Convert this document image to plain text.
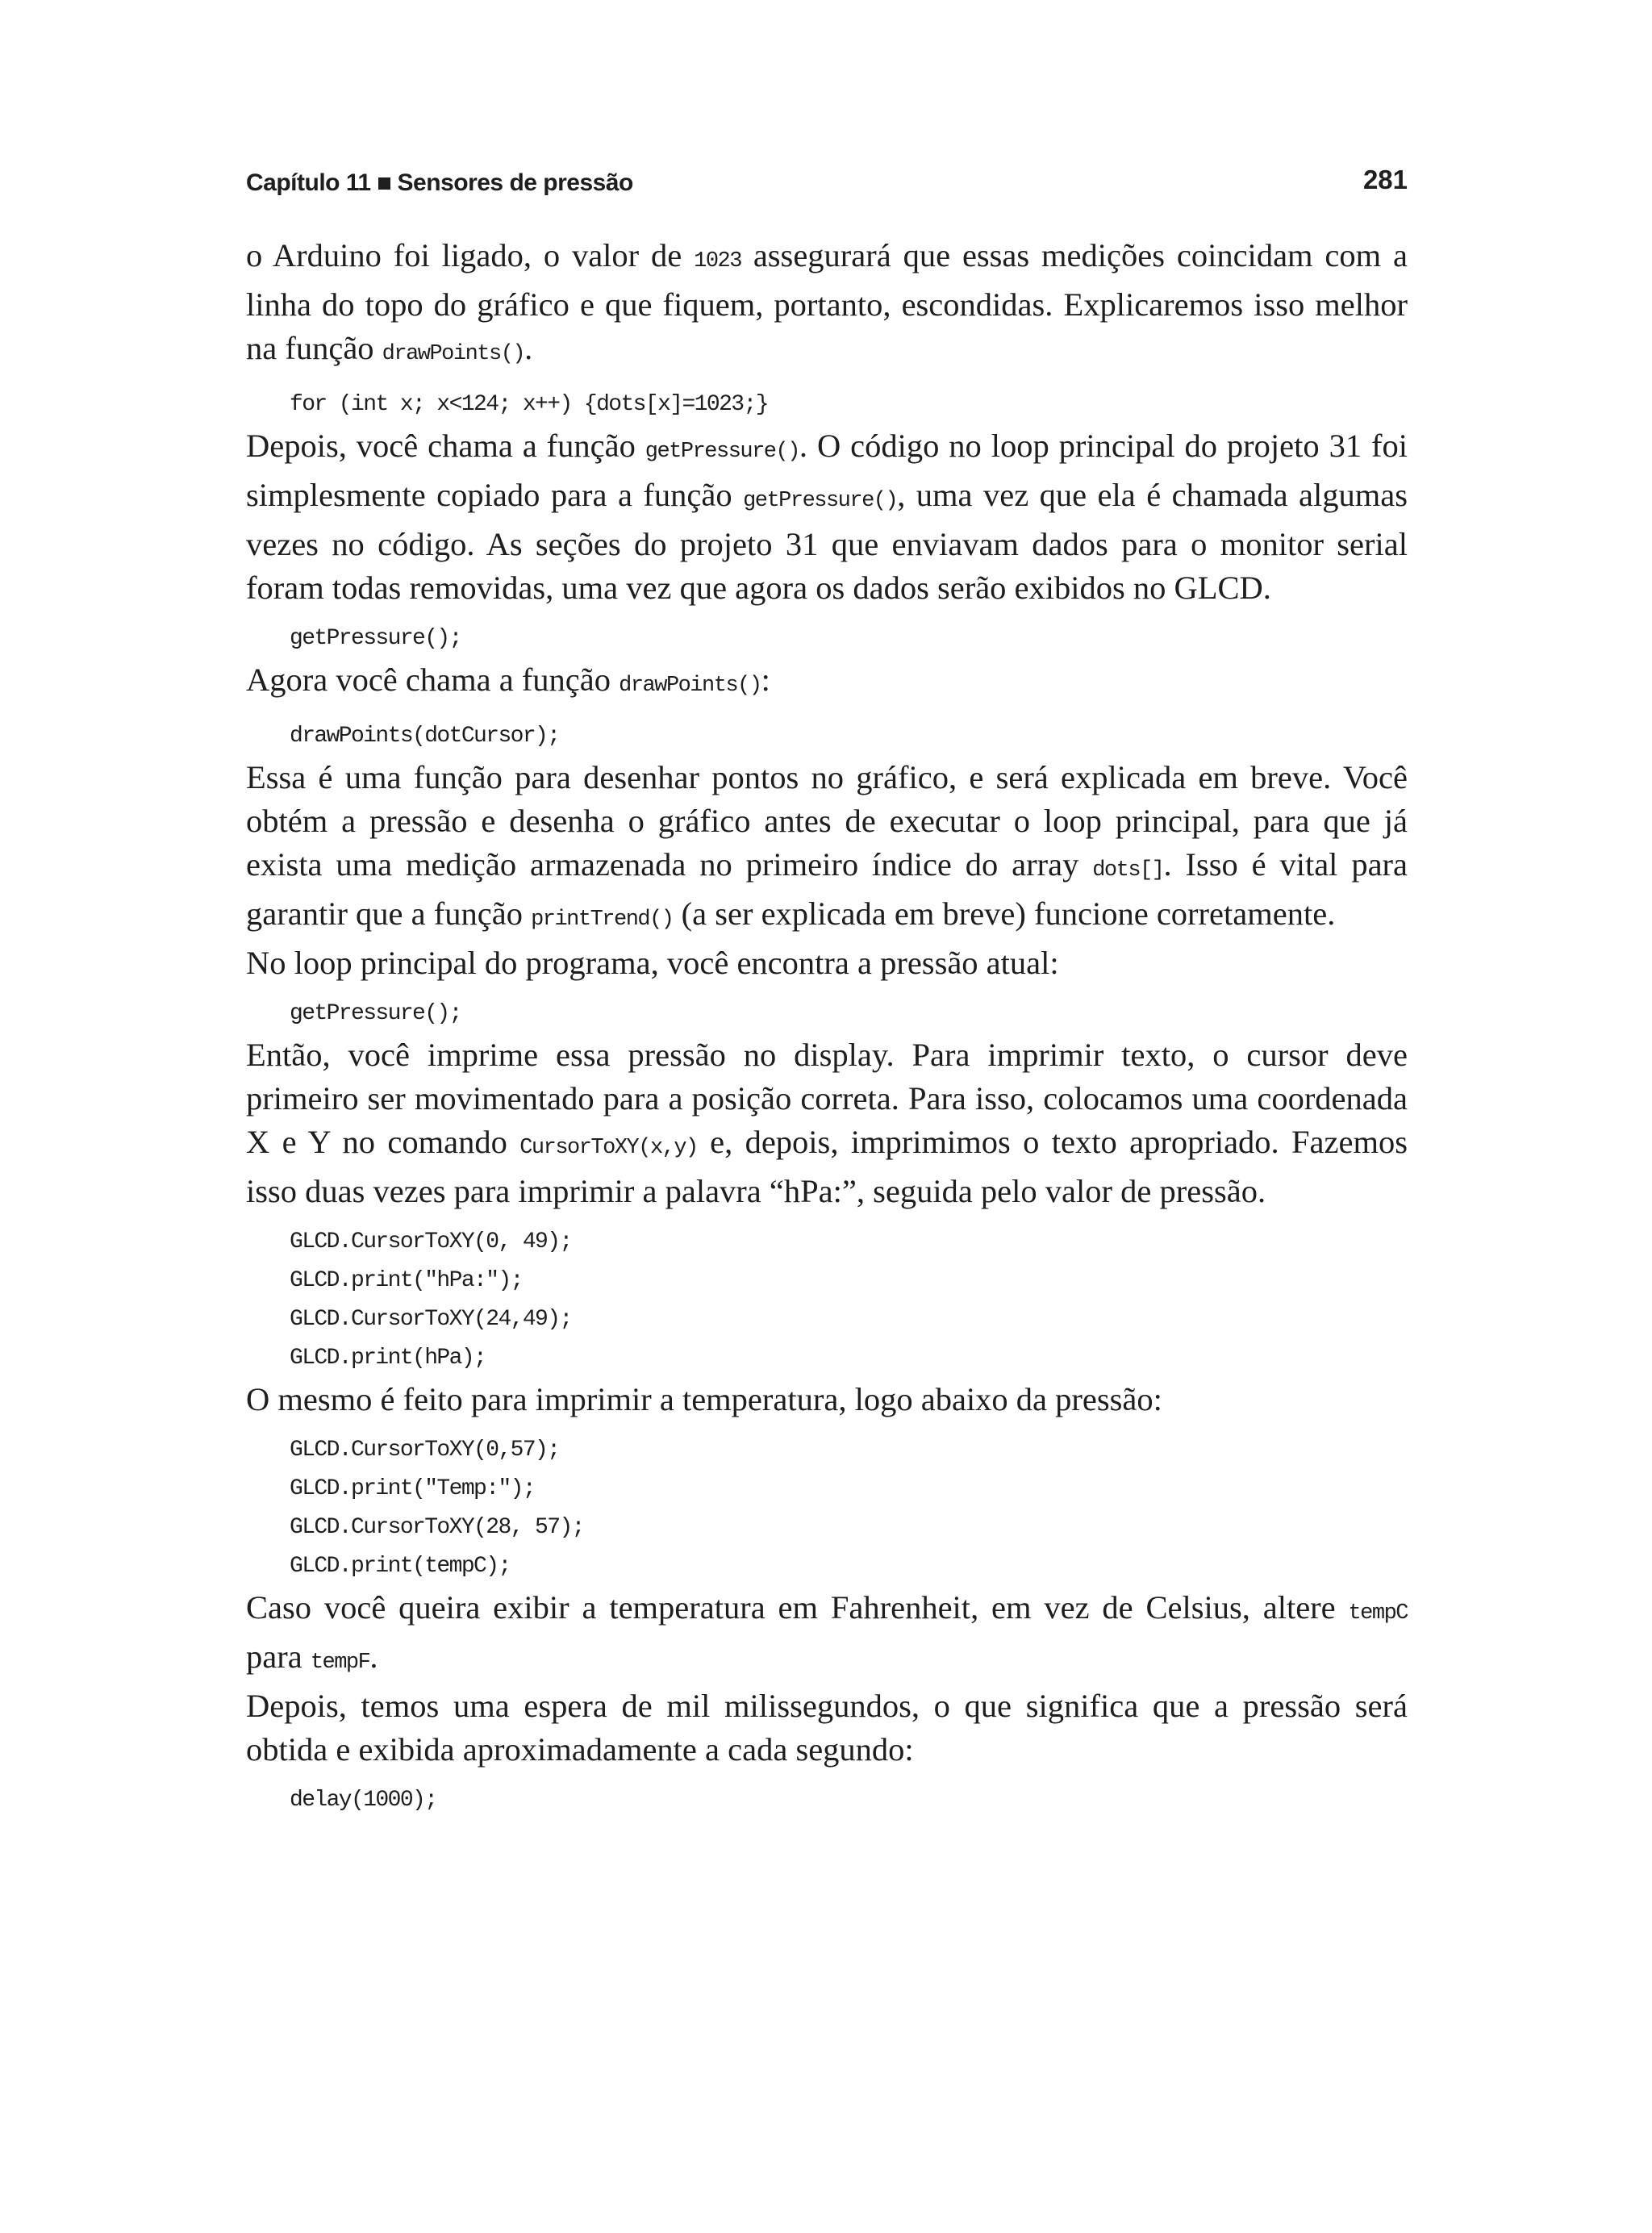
Capítulo 11 Sensores de pressão	281

o Arduino foi ligado, o valor de 1023 assegurará que essas medições coincidam com a linha do topo do gráfico e que fiquem, portanto, escondidas. Explicaremos isso melhor na função drawPoints().

for (int x; x<124; x++) {dots[x]=1023;}

Depois, você chama a função getPressure(). O código no loop principal do projeto 31 foi simplesmente copiado para a função getPressure(), uma vez que ela é chamada algumas vezes no código. As seções do projeto 31 que enviavam dados para o monitor serial foram todas removidas, uma vez que agora os dados serão exibidos no GLCD.

getPressure();

Agora você chama a função drawPoints():

drawPoints(dotCursor);

Essa é uma função para desenhar pontos no gráfico, e será explicada em breve. Você obtém a pressão e desenha o gráfico antes de executar o loop principal, para que já exista uma medição armazenada no primeiro índice do array dots[]. Isso é vital para garantir que a função printTrend() (a ser explicada em breve) funcione corretamente.

No loop principal do programa, você encontra a pressão atual:

getPressure();

Então, você imprime essa pressão no display. Para imprimir texto, o cursor deve primeiro ser movimentado para a posição correta. Para isso, colocamos uma coordenada X e Y no comando CursorToXY(x,y) e, depois, imprimimos o texto apropriado. Fazemos isso duas vezes para imprimir a palavra “hPa:”, seguida pelo valor de pressão.

GLCD.CursorToXY(0, 49);
GLCD.print("hPa:");
GLCD.CursorToXY(24,49);
GLCD.print(hPa);

O mesmo é feito para imprimir a temperatura, logo abaixo da pressão:

GLCD.CursorToXY(0,57);
GLCD.print("Temp:");
GLCD.CursorToXY(28, 57);
GLCD.print(tempC);

Caso você queira exibir a temperatura em Fahrenheit, em vez de Celsius, altere tempC para tempF.

Depois, temos uma espera de mil milissegundos, o que significa que a pressão será obtida e exibida aproximadamente a cada segundo:

delay(1000);
